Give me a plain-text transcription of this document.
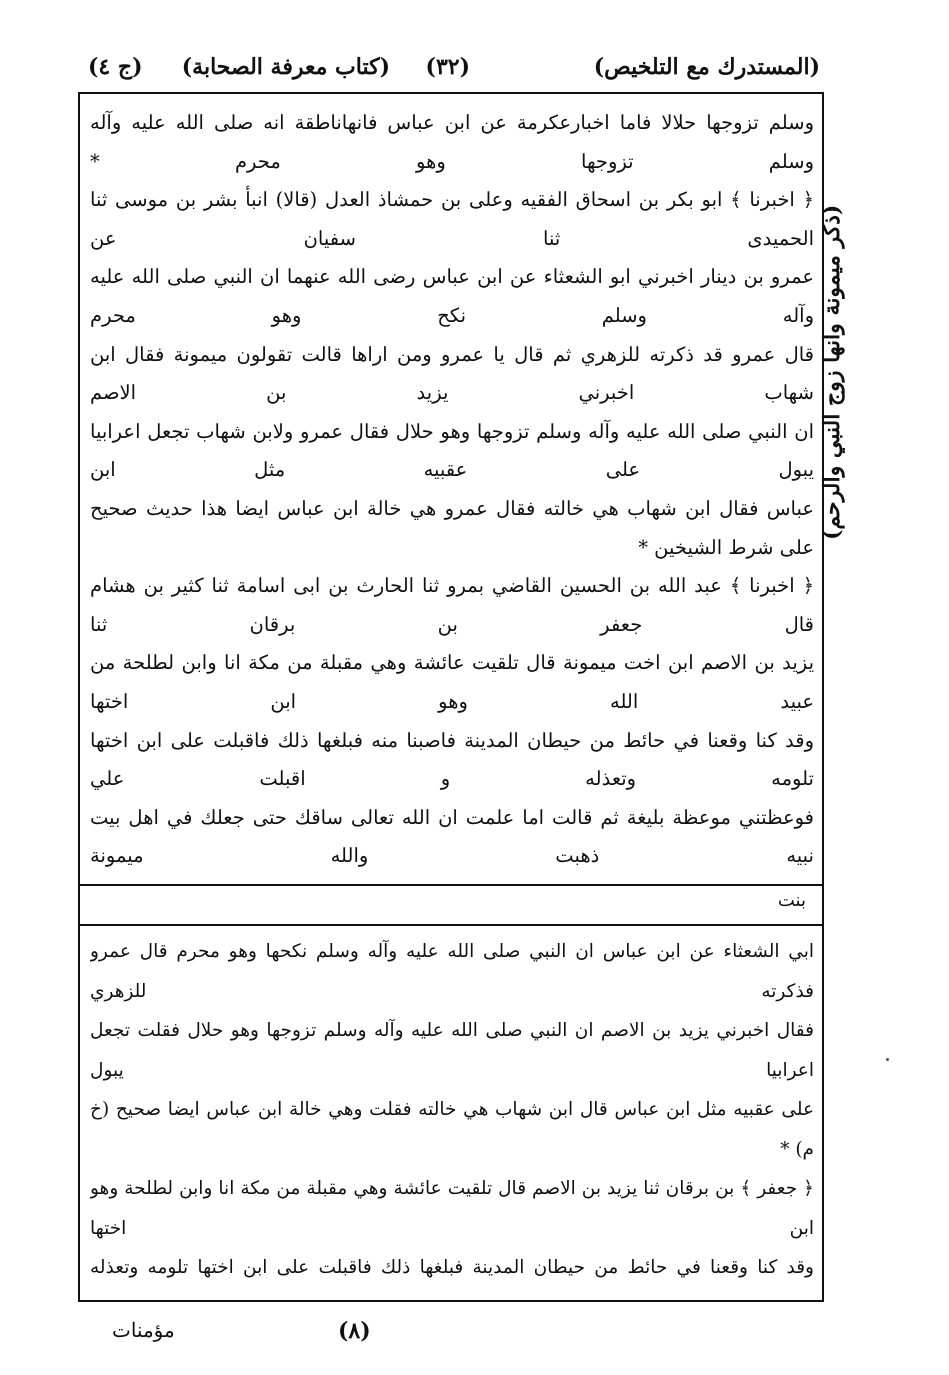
(المستدرك مع التلخيص)
(٣٢)
(كتاب معرفة الصحابة)
(ج ٤)
(ذكر ميمونة وانها زوج النبي والرحم)

وسلم تزوجها حلالا فاما اخبارعكرمة عن ابن عباس فانهاناطقة انه صلى الله عليه وآله وسلم تزوجها وهو محرم *

﴿ اخبرنا ﴾ ابو بكر بن اسحاق الفقيه وعلى بن حمشاذ العدل (قالا) انبأ بشر بن موسى ثنا الحميدى ثنا سفيان عن

عمرو بن دينار اخبرني ابو الشعثاء عن ابن عباس رضى الله عنهما ان النبي صلى الله عليه وآله وسلم نكح وهو محرم

قال عمرو قد ذكرته للزهري ثم قال يا عمرو ومن اراها قالت تقولون ميمونة فقال ابن شهاب اخبرني يزيد بن الاصم

ان النبي صلى الله عليه وآله وسلم تزوجها وهو حلال فقال عمرو ولابن شهاب تجعل اعرابيا يبول على عقبيه مثل ابن

عباس فقال ابن شهاب هي خالته فقال عمرو هي خالة ابن عباس ايضا هذا حديث صحيح على شرط الشيخين *

﴿ اخبرنا ﴾ عبد الله بن الحسين القاضي بمرو ثنا الحارث بن ابى اسامة ثنا كثير بن هشام قال جعفر بن برقان ثنا

يزيد بن الاصم ابن اخت ميمونة قال تلقيت عائشة وهي مقبلة من مكة انا وابن لطلحة من عبيد الله وهو ابن اختها

وقد كنا وقعنا في حائط من حيطان المدينة فاصبنا منه فبلغها ذلك فاقبلت على ابن اختها تلومه وتعذله و اقبلت علي

فوعظتني موعظة بليغة ثم قالت اما علمت ان الله تعالى ساقك حتى جعلك في اهل بيت نبيه ذهبت والله ميمونة

بنت

ابي الشعثاء عن ابن عباس ان النبي صلى الله عليه وآله وسلم نكحها وهو محرم قال عمرو فذكرته للزهري

فقال اخبرني يزيد بن الاصم ان النبي صلى الله عليه وآله وسلم تزوجها وهو حلال فقلت تجعل اعرابيا يبول

على عقبيه مثل ابن عباس قال ابن شهاب هي خالته فقلت وهي خالة ابن عباس ايضا صحيح (خ م) *

﴿ جعفر ﴾ بن برقان ثنا يزيد بن الاصم قال تلقيت عائشة وهي مقبلة من مكة انا وابن لطلحة وهو ابن اختها

وقد كنا وقعنا في حائط من حيطان المدينة فبلغها ذلك فاقبلت على ابن اختها تلومه وتعذله

مؤمنات	(٨)
